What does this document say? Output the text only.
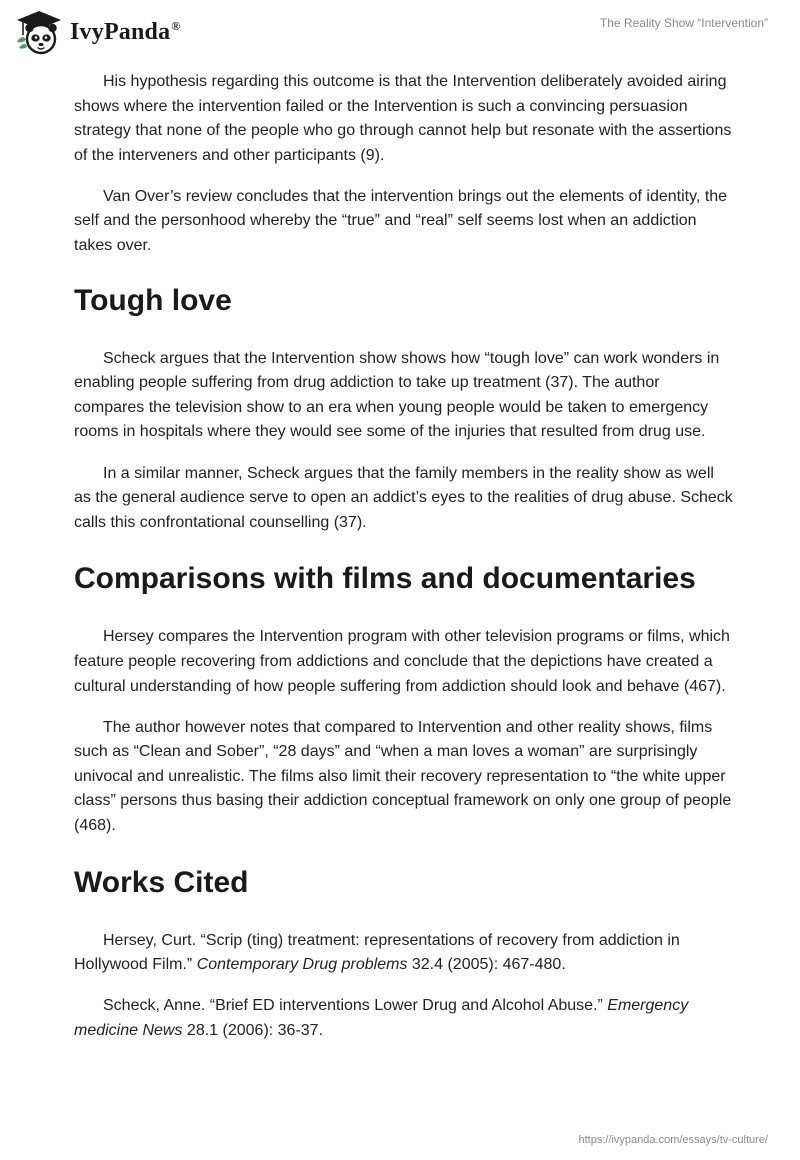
IvyPanda®	The Reality Show “Intervention”

His hypothesis regarding this outcome is that the Intervention deliberately avoided airing shows where the intervention failed or the Intervention is such a convincing persuasion strategy that none of the people who go through cannot help but resonate with the assertions of the interveners and other participants (9).

Van Over’s review concludes that the intervention brings out the elements of identity, the self and the personhood whereby the “true” and “real” self seems lost when an addiction takes over.

Tough love

Scheck argues that the Intervention show shows how “tough love” can work wonders in enabling people suffering from drug addiction to take up treatment (37). The author compares the television show to an era when young people would be taken to emergency rooms in hospitals where they would see some of the injuries that resulted from drug use.

In a similar manner, Scheck argues that the family members in the reality show as well as the general audience serve to open an addict’s eyes to the realities of drug abuse. Scheck calls this confrontational counselling (37).

Comparisons with films and documentaries

Hersey compares the Intervention program with other television programs or films, which feature people recovering from addictions and conclude that the depictions have created a cultural understanding of how people suffering from addiction should look and behave (467).

The author however notes that compared to Intervention and other reality shows, films such as “Clean and Sober”, “28 days” and “when a man loves a woman” are surprisingly univocal and unrealistic. The films also limit their recovery representation to “the white upper class” persons thus basing their addiction conceptual framework on only one group of people (468).

Works Cited

Hersey, Curt. “Scrip (ting) treatment: representations of recovery from addiction in Hollywood Film.” Contemporary Drug problems 32.4 (2005): 467-480.

Scheck, Anne. “Brief ED interventions Lower Drug and Alcohol Abuse.” Emergency medicine News 28.1 (2006): 36-37.

https://ivypanda.com/essays/tv-culture/
